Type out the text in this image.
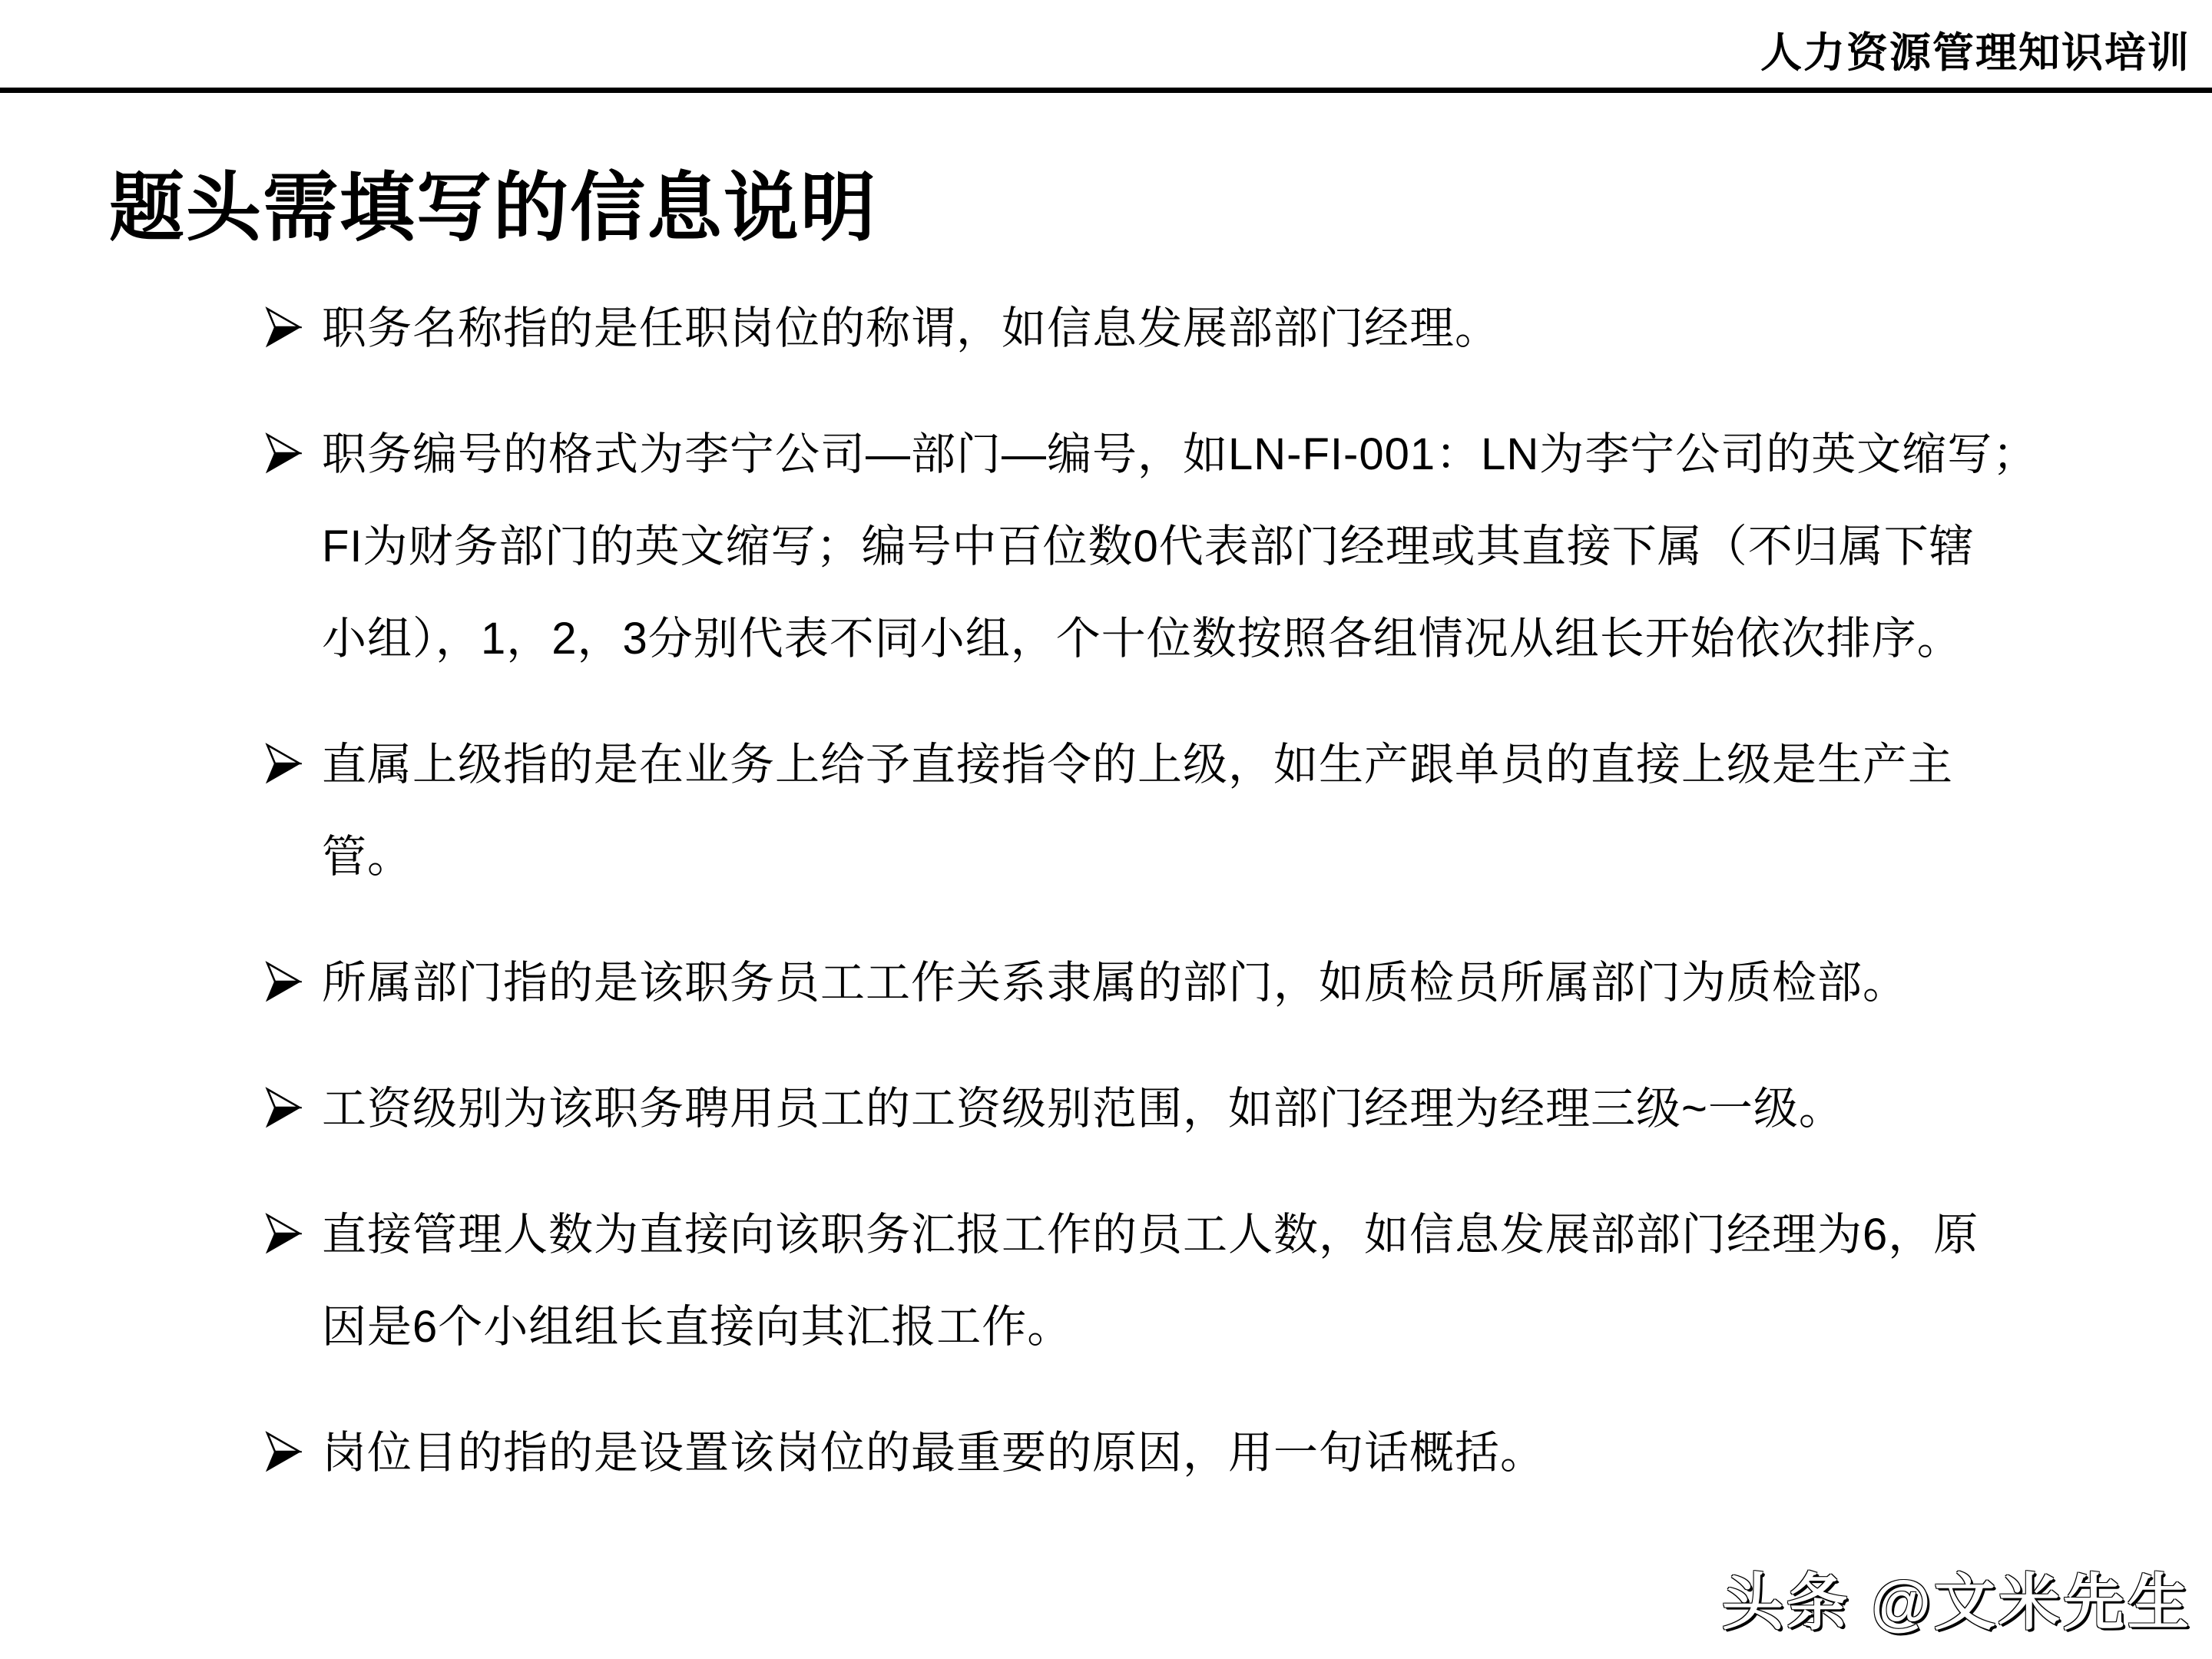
人力资源管理知识培训
题头需填写的信息说明
职务名称指的是任职岗位的称谓，如信息发展部部门经理。
职务编号的格式为李宁公司—部门—编号，如LN-FI-001：LN为李宁公司的英文缩写；
FI为财务部门的英文缩写；编号中百位数0代表部门经理或其直接下属（不归属下辖
小组），1，2，3分别代表不同小组，个十位数按照各组情况从组长开始依次排序。
直属上级指的是在业务上给予直接指令的上级，如生产跟单员的直接上级是生产主
管。
所属部门指的是该职务员工工作关系隶属的部门，如质检员所属部门为质检部。
工资级别为该职务聘用员工的工资级别范围，如部门经理为经理三级~一级。
直接管理人数为直接向该职务汇报工作的员工人数，如信息发展部部门经理为6，原
因是6个小组组长直接向其汇报工作。
岗位目的指的是设置该岗位的最重要的原因，用一句话概括。
头条 @文米先生
